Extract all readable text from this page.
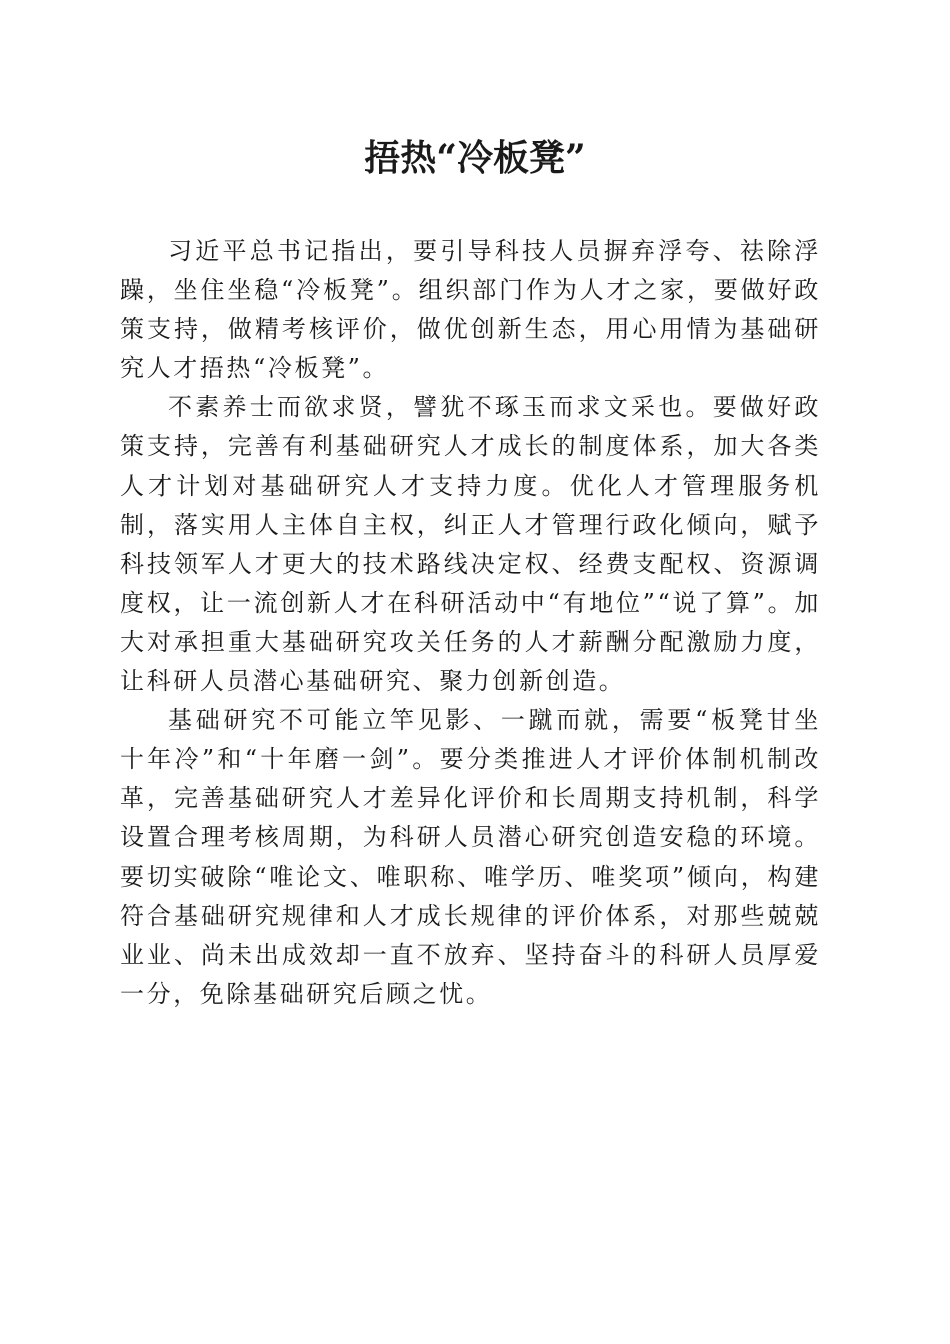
捂热“冷板凳”

习近平总书记指出，要引导科技人员摒弃浮夸、祛除浮躁，坐住坐稳“冷板凳”。组织部门作为人才之家，要做好政策支持，做精考核评价，做优创新生态，用心用情为基础研究人才捂热“冷板凳”。

不素养士而欲求贤，譬犹不琢玉而求文采也。要做好政策支持，完善有利基础研究人才成长的制度体系，加大各类人才计划对基础研究人才支持力度。优化人才管理服务机制，落实用人主体自主权，纠正人才管理行政化倾向，赋予科技领军人才更大的技术路线决定权、经费支配权、资源调度权，让一流创新人才在科研活动中“有地位”“说了算”。加大对承担重大基础研究攻关任务的人才薪酬分配激励力度，让科研人员潜心基础研究、聚力创新创造。

基础研究不可能立竿见影、一蹴而就，需要“板凳甘坐十年冷”和“十年磨一剑”。要分类推进人才评价体制机制改革，完善基础研究人才差异化评价和长周期支持机制，科学设置合理考核周期，为科研人员潜心研究创造安稳的环境。要切实破除“唯论文、唯职称、唯学历、唯奖项”倾向，构建符合基础研究规律和人才成长规律的评价体系，对那些兢兢业业、尚未出成效却一直不放弃、坚持奋斗的科研人员厚爱一分，免除基础研究后顾之忧。
